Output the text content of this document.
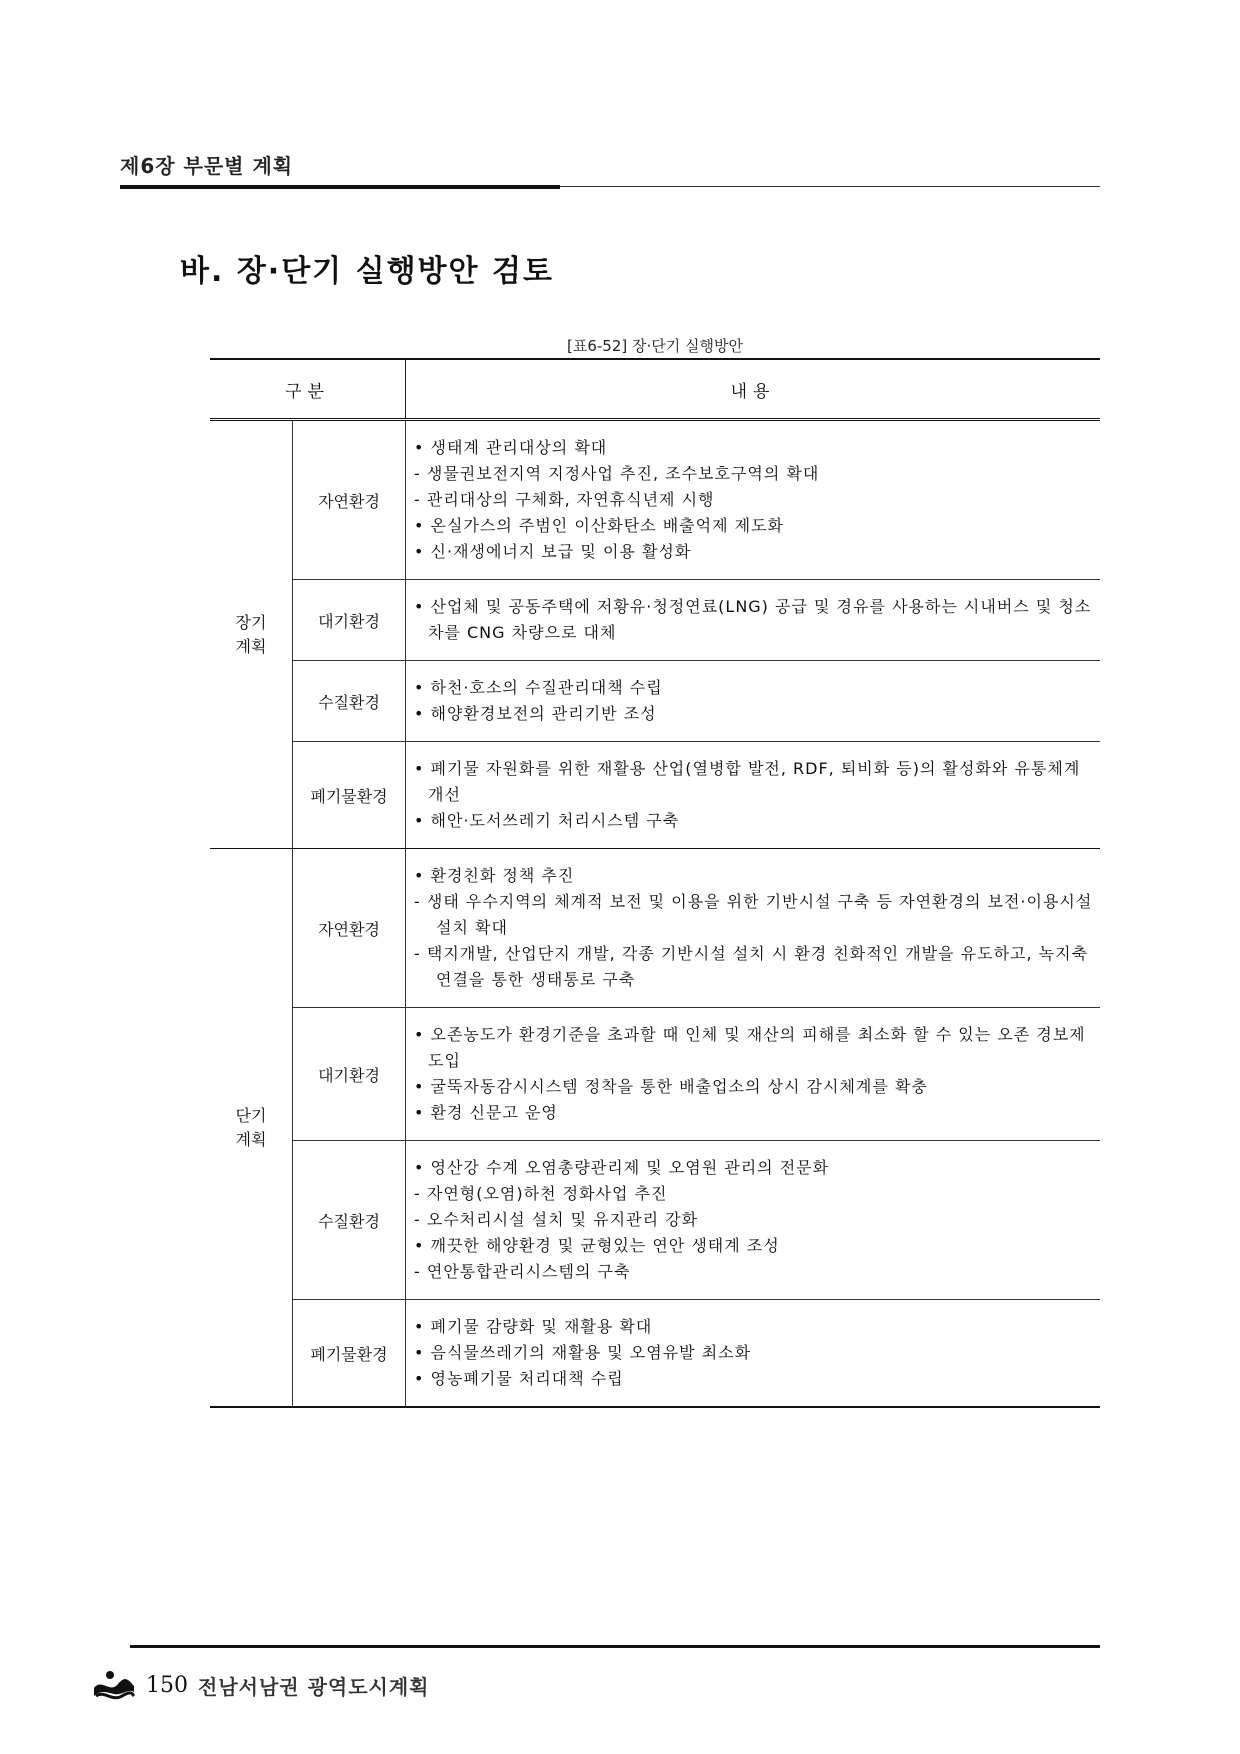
제6장 부문별 계획
바. 장·단기 실행방안 검토
[표6-52] 장·단기 실행방안
구분		내용

장기
계획
	자연환경	
• 생태계 관리대상의 확대
- 생물권보전지역 지정사업 추진, 조수보호구역의 확대
- 관리대상의 구체화, 자연휴식년제 시행
• 온실가스의 주범인 이산화탄소 배출억제 제도화
• 신·재생에너지 보급 및 이용 활성화

	대기환경	• 산업체 및 공동주택에 저황유·청정연료(LNG) 공급 및 경유를 사용하는 시내버스 및 청소차를 CNG 차량으로 대체

	수질환경	• 하천·호소의 수질관리대책 수립
• 해양환경보전의 관리기반 조성

	폐기물환경	• 폐기물 자원화를 위한 재활용 산업(열병합 발전, RDF, 퇴비화 등)의 활성화와 유통체계 개선
• 해안·도서쓰레기 처리시스템 구축

단기
계획
	자연환경	
• 환경친화 정책 추진
- 생태 우수지역의 체계적 보전 및 이용을 위한 기반시설 구축 등 자연환경의 보전·이용시설 설치 확대
- 택지개발, 산업단지 개발, 각종 기반시설 설치 시 환경 친화적인 개발을 유도하고, 녹지축 연결을 통한 생태통로 구축

	대기환경	• 오존농도가 환경기준을 초과할 때 인체 및 재산의 피해를 최소화 할 수 있는 오존 경보제 도입
• 굴뚝자동감시시스템 정착을 통한 배출업소의 상시 감시체계를 확충
• 환경 신문고 운영

	수질환경	• 영산강 수계 오염총량관리제 및 오염원 관리의 전문화
- 자연형(오염)하천 정화사업 추진
- 오수처리시설 설치 및 유지관리 강화
• 깨끗한 해양환경 및 균형있는 연안 생태계 조성
- 연안통합관리시스템의 구축

	폐기물환경	• 폐기물 감량화 및 재활용 확대
• 음식물쓰레기의 재활용 및 오염유발 최소화
• 영농폐기물 처리대책 수립
150 전남서남권 광역도시계획
